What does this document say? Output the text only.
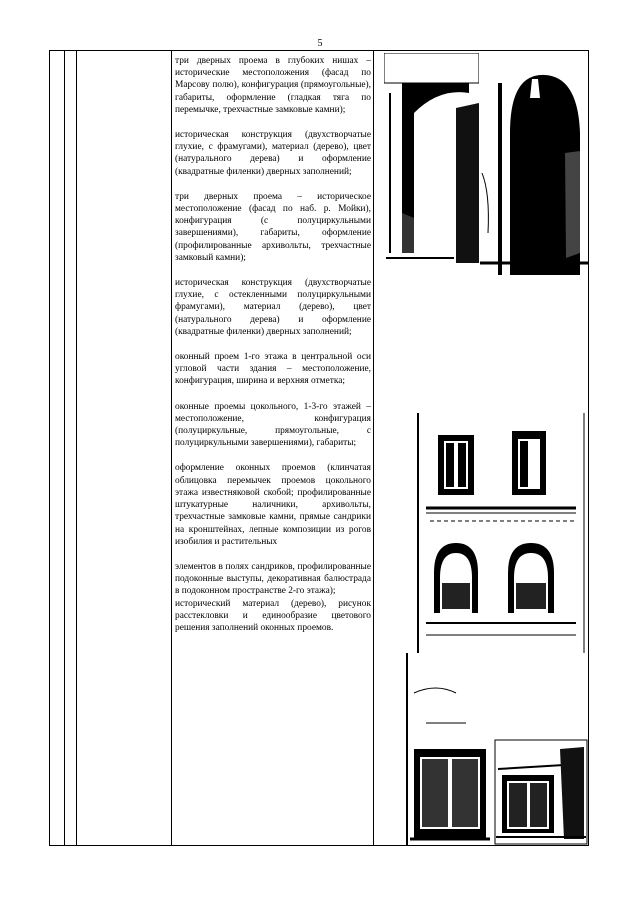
5

три дверных проема в глубоких нишах – исторические местоположения (фасад по Марсову полю), конфигурация (прямоугольные), габариты, оформление (гладкая тяга по перемычке, трехчастные замковые камни);

историческая конструкция (двухстворчатые глухие, с фрамугами), материал (дерево), цвет (натурального дерева) и оформление (квадратные филенки) дверных заполнений;

три дверных проема – историческое местоположение (фасад по наб. р. Мойки), конфигурация (с полуциркульными завершениями), габариты, оформление (профилированные архивольты, трехчастные замковый камни);

историческая конструкция (двухстворчатые глухие, с остекленными полуциркульными фрамугами), материал (дерево), цвет (натурального дерева) и оформление (квадратные филенки) дверных заполнений;

оконный проем 1-го этажа в центральной оси угловой части здания – местоположение, конфигурация, ширина и верхняя отметка;

оконные проемы цокольного, 1-3-го этажей – местоположение, конфигурация (полуциркульные, прямоугольные, с полуциркульными завершениями), габариты;

оформление оконных проемов (клинчатая облицовка перемычек проемов цокольного этажа известняковой скобой; профилированные штукатурные наличники, архивольты, трехчастные замковые камни, прямые сандрики на кронштейнах, лепные композиции из рогов изобилия и растительных

элементов в полях сандриков, профилированные подоконные выступы, декоративная балюстрада в подоконном пространстве 2-го этажа);

исторический материал (дерево), рисунок расстекловки и единообразие цветового решения заполнений оконных проемов.
